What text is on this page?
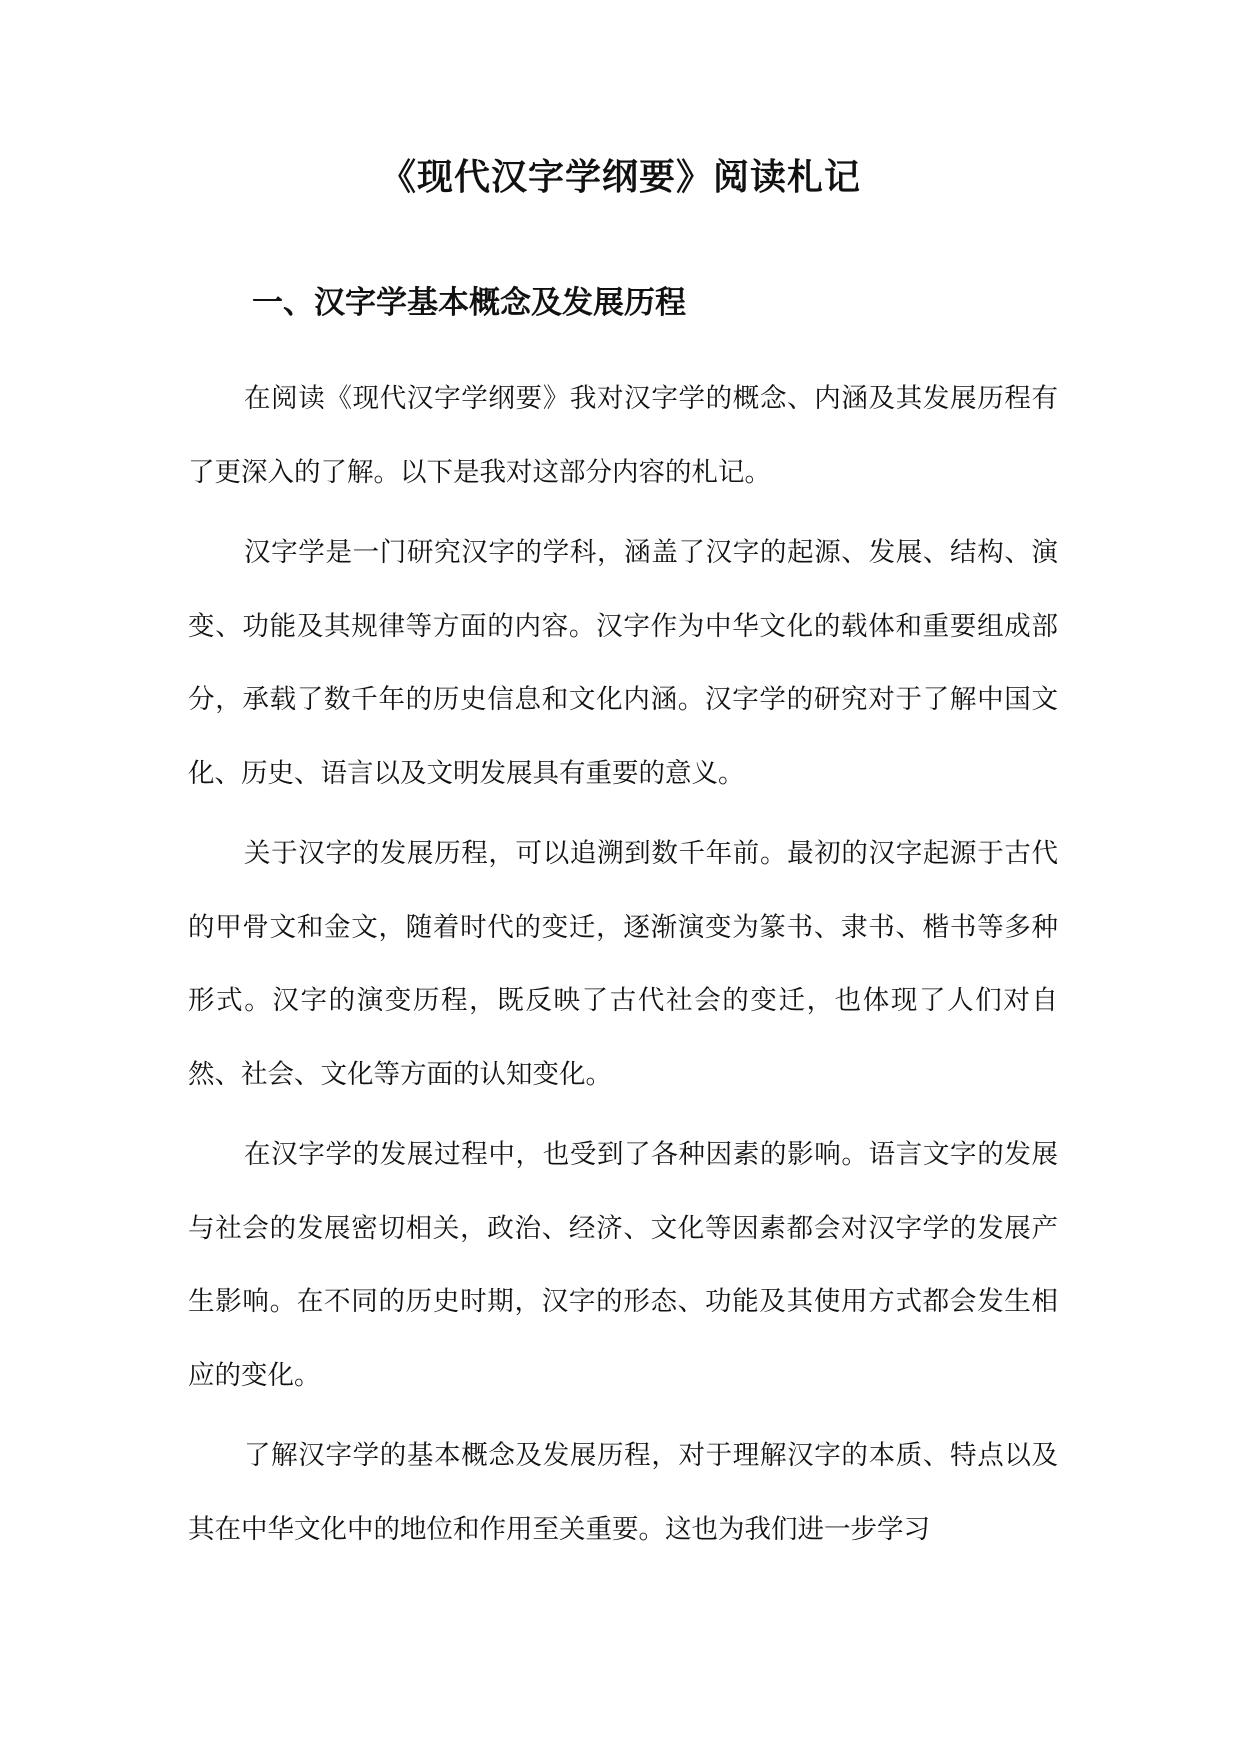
《现代汉字学纲要》阅读札记
一、汉字学基本概念及发展历程

在阅读《现代汉字学纲要》我对汉字学的概念、内涵及其发展历程有了更深入的了解。以下是我对这部分内容的札记。

汉字学是一门研究汉字的学科，涵盖了汉字的起源、发展、结构、演变、功能及其规律等方面的内容。汉字作为中华文化的载体和重要组成部分，承载了数千年的历史信息和文化内涵。汉字学的研究对于了解中国文化、历史、语言以及文明发展具有重要的意义。

关于汉字的发展历程，可以追溯到数千年前。最初的汉字起源于古代的甲骨文和金文，随着时代的变迁，逐渐演变为篆书、隶书、楷书等多种形式。汉字的演变历程，既反映了古代社会的变迁，也体现了人们对自然、社会、文化等方面的认知变化。

在汉字学的发展过程中，也受到了各种因素的影响。语言文字的发展与社会的发展密切相关，政治、经济、文化等因素都会对汉字学的发展产生影响。在不同的历史时期，汉字的形态、功能及其使用方式都会发生相应的变化。

了解汉字学的基本概念及发展历程，对于理解汉字的本质、特点以及其在中华文化中的地位和作用至关重要。这也为我们进一步学习
